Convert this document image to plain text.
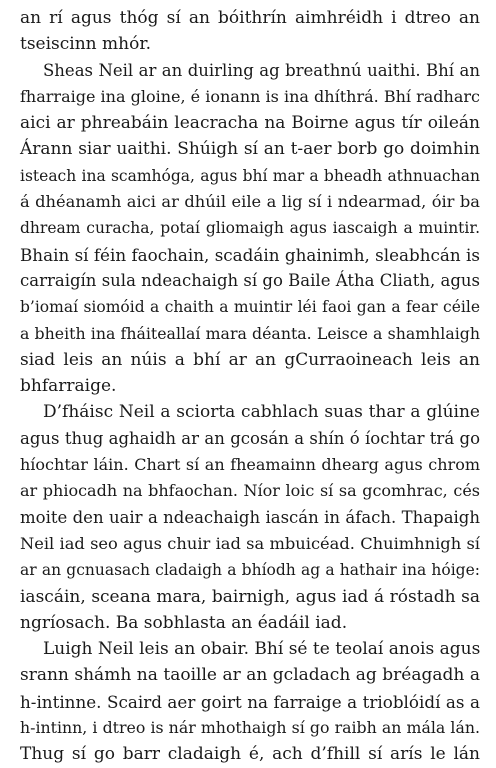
an rí agus thóg sí an bóithrín aimhréidh i dtreo an
tseiscinn mhór.
Sheas Neil ar an duirling ag breathnú uaithi. Bhí an
fharraige ina gloine, é ionann is ina dhíthrá. Bhí radharc
aici ar phreabáin leacracha na Boirne agus tír oileán
Árann siar uaithi. Shúigh sí an t-aer borb go doimhin
isteach ina scamhóga, agus bhí mar a bheadh athnuachan
á dhéanamh aici ar dhúil eile a lig sí i ndearmad, óir ba
dhream curacha, potaí gliomaigh agus iascaigh a muintir.
Bhain sí féin faochain, scadáin ghainimh, sleabhcán is
carraigín sula ndeachaigh sí go Baile Átha Cliath, agus
b’iomaí siomóid a chaith a muintir léi faoi gan a fear céile
a bheith ina fháiteallaí mara déanta. Leisce a shamhlaigh
siad leis an núis a bhí ar an gCurraoineach leis an
bhfarraige.
D’fháisc Neil a sciorta cabhlach suas thar a glúine
agus thug aghaidh ar an gcosán a shín ó íochtar trá go
híochtar láin. Chart sí an fheamainn dhearg agus chrom
ar phiocadh na bhfaochan. Níor loic sí sa gcomhrac, cés
moite den uair a ndeachaigh iascán in áfach. Thapaigh
Neil iad seo agus chuir iad sa mbuicéad. Chuimhnigh sí
ar an gcnuasach cladaigh a bhíodh ag a hathair ina hóige:
iascáin, sceana mara, bairnigh, agus iad á róstadh sa
ngríosach. Ba sobhlasta an éadáil iad.
Luigh Neil leis an obair. Bhí sé te teolaí anois agus
srann shámh na taoille ar an gcladach ag bréagadh a
h-intinne. Scaird aer goirt na farraige a trioblóidí as a
h-intinn, i dtreo is nár mhothaigh sí go raibh an mála lán.
Thug sí go barr cladaigh é, ach d’fhill sí arís le lán
